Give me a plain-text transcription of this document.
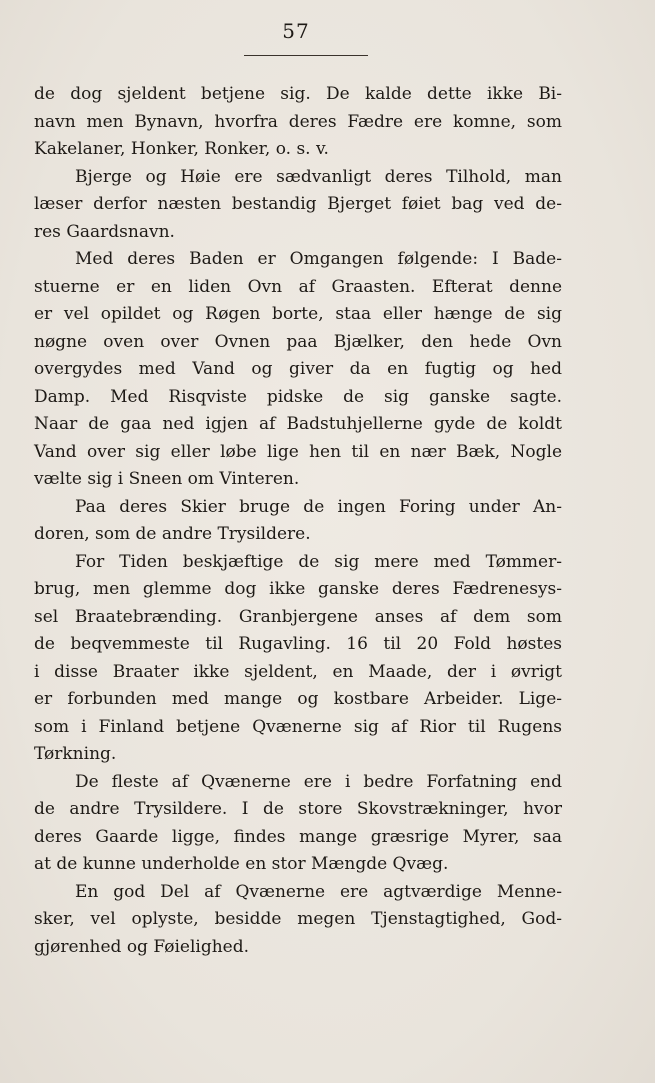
57
de dog sjeldent betjene sig. De kalde dette ikke Bi-
navn men Bynavn, hvorfra deres Fædre ere komne, som
Kakelaner, Honker, Ronker, o. s. v.
Bjerge og Høie ere sædvanligt deres Tilhold, man
læser derfor næsten bestandig Bjerget føiet bag ved de-
res Gaardsnavn.
Med deres Baden er Omgangen følgende: I Bade-
stuerne er en liden Ovn af Graasten. Efterat denne
er vel opildet og Røgen borte, staa eller hænge de sig
nøgne oven over Ovnen paa Bjælker, den hede Ovn
overgydes med Vand og giver da en fugtig og hed
Damp. Med Risqviste pidske de sig ganske sagte.
Naar de gaa ned igjen af Badstuhjellerne gyde de koldt
Vand over sig eller løbe lige hen til en nær Bæk, Nogle
vælte sig i Sneen om Vinteren.
Paa deres Skier bruge de ingen Foring under An-
doren, som de andre Trysildere.
For Tiden beskjæftige de sig mere med Tømmer-
brug, men glemme dog ikke ganske deres Fædrenesys-
sel Braatebrænding. Granbjergene anses af dem som
de beqvemmeste til Rugavling. 16 til 20 Fold høstes
i disse Braater ikke sjeldent, en Maade, der i øvrigt
er forbunden med mange og kostbare Arbeider. Lige-
som i Finland betjene Qvænerne sig af Rior til Rugens
Tørkning.
De fleste af Qvænerne ere i bedre Forfatning end
de andre Trysildere. I de store Skovstrækninger, hvor
deres Gaarde ligge, findes mange græsrige Myrer, saa
at de kunne underholde en stor Mængde Qvæg.
En god Del af Qvænerne ere agtværdige Menne-
sker, vel oplyste, besidde megen Tjenstagtighed, God-
gjørenhed og Føielighed.
